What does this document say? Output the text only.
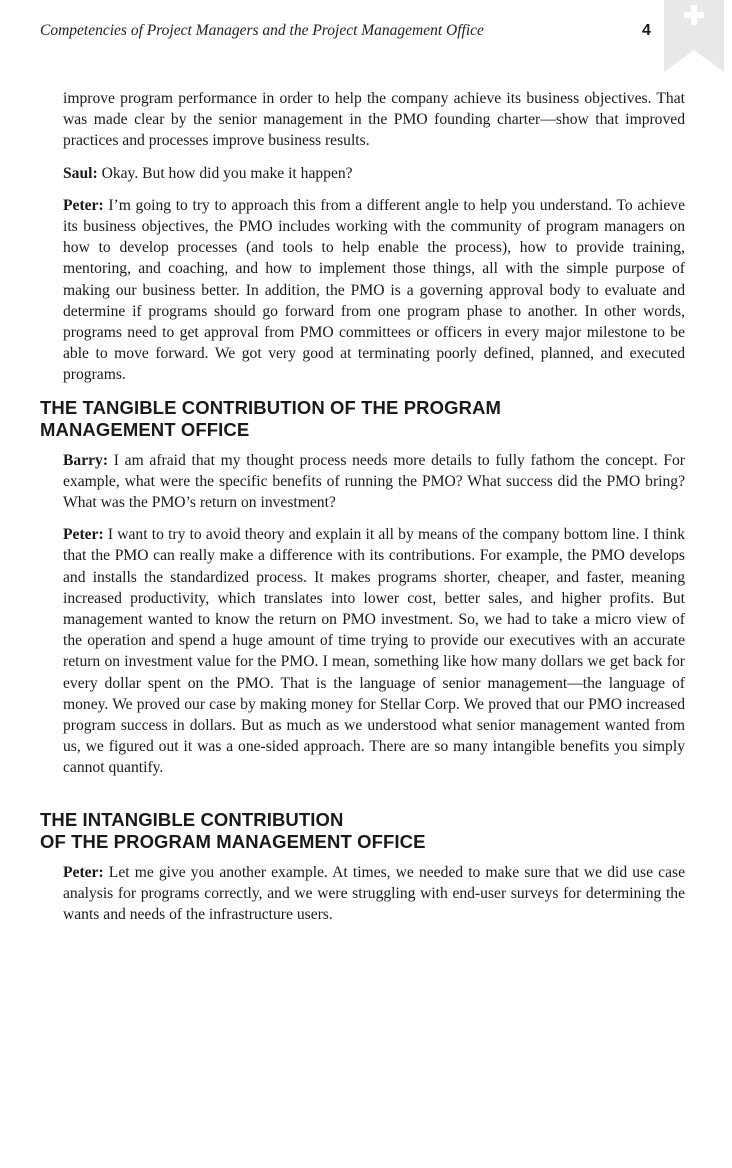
Competencies of Project Managers and the Project Management Office	4

improve program performance in order to help the company achieve its business objectives. That was made clear by the senior management in the PMO founding charter—show that improved practices and processes improve business results.

Saul: Okay. But how did you make it happen?

Peter: I’m going to try to approach this from a different angle to help you understand. To achieve its business objectives, the PMO includes working with the community of program managers on how to develop processes (and tools to help enable the process), how to provide training, mentoring, and coaching, and how to implement those things, all with the simple purpose of making our business better. In addition, the PMO is a governing approval body to evaluate and determine if programs should go forward from one program phase to another. In other words, programs need to get approval from PMO committees or officers in every major milestone to be able to move forward. We got very good at terminating poorly defined, planned, and executed programs.

THE TANGIBLE CONTRIBUTION OF THE PROGRAM
MANAGEMENT OFFICE

Barry: I am afraid that my thought process needs more details to fully fathom the concept. For example, what were the specific benefits of running the PMO? What success did the PMO bring? What was the PMO’s return on investment?

Peter: I want to try to avoid theory and explain it all by means of the company bottom line. I think that the PMO can really make a difference with its contributions. For example, the PMO develops and installs the standardized process. It makes programs shorter, cheaper, and faster, meaning increased productivity, which translates into lower cost, better sales, and higher profits. But management wanted to know the return on PMO investment. So, we had to take a micro view of the operation and spend a huge amount of time trying to provide our executives with an accurate return on investment value for the PMO. I mean, something like how many dollars we get back for every dollar spent on the PMO. That is the language of senior management—the language of money. We proved our case by making money for Stellar Corp. We proved that our PMO increased program success in dollars. But as much as we understood what senior management wanted from us, we figured out it was a one-sided approach. There are so many intangible benefits you simply cannot quantify.

THE INTANGIBLE CONTRIBUTION
OF THE PROGRAM MANAGEMENT OFFICE

Peter: Let me give you another example. At times, we needed to make sure that we did use case analysis for programs correctly, and we were struggling with end-user surveys for determining the wants and needs of the infrastructure users.
